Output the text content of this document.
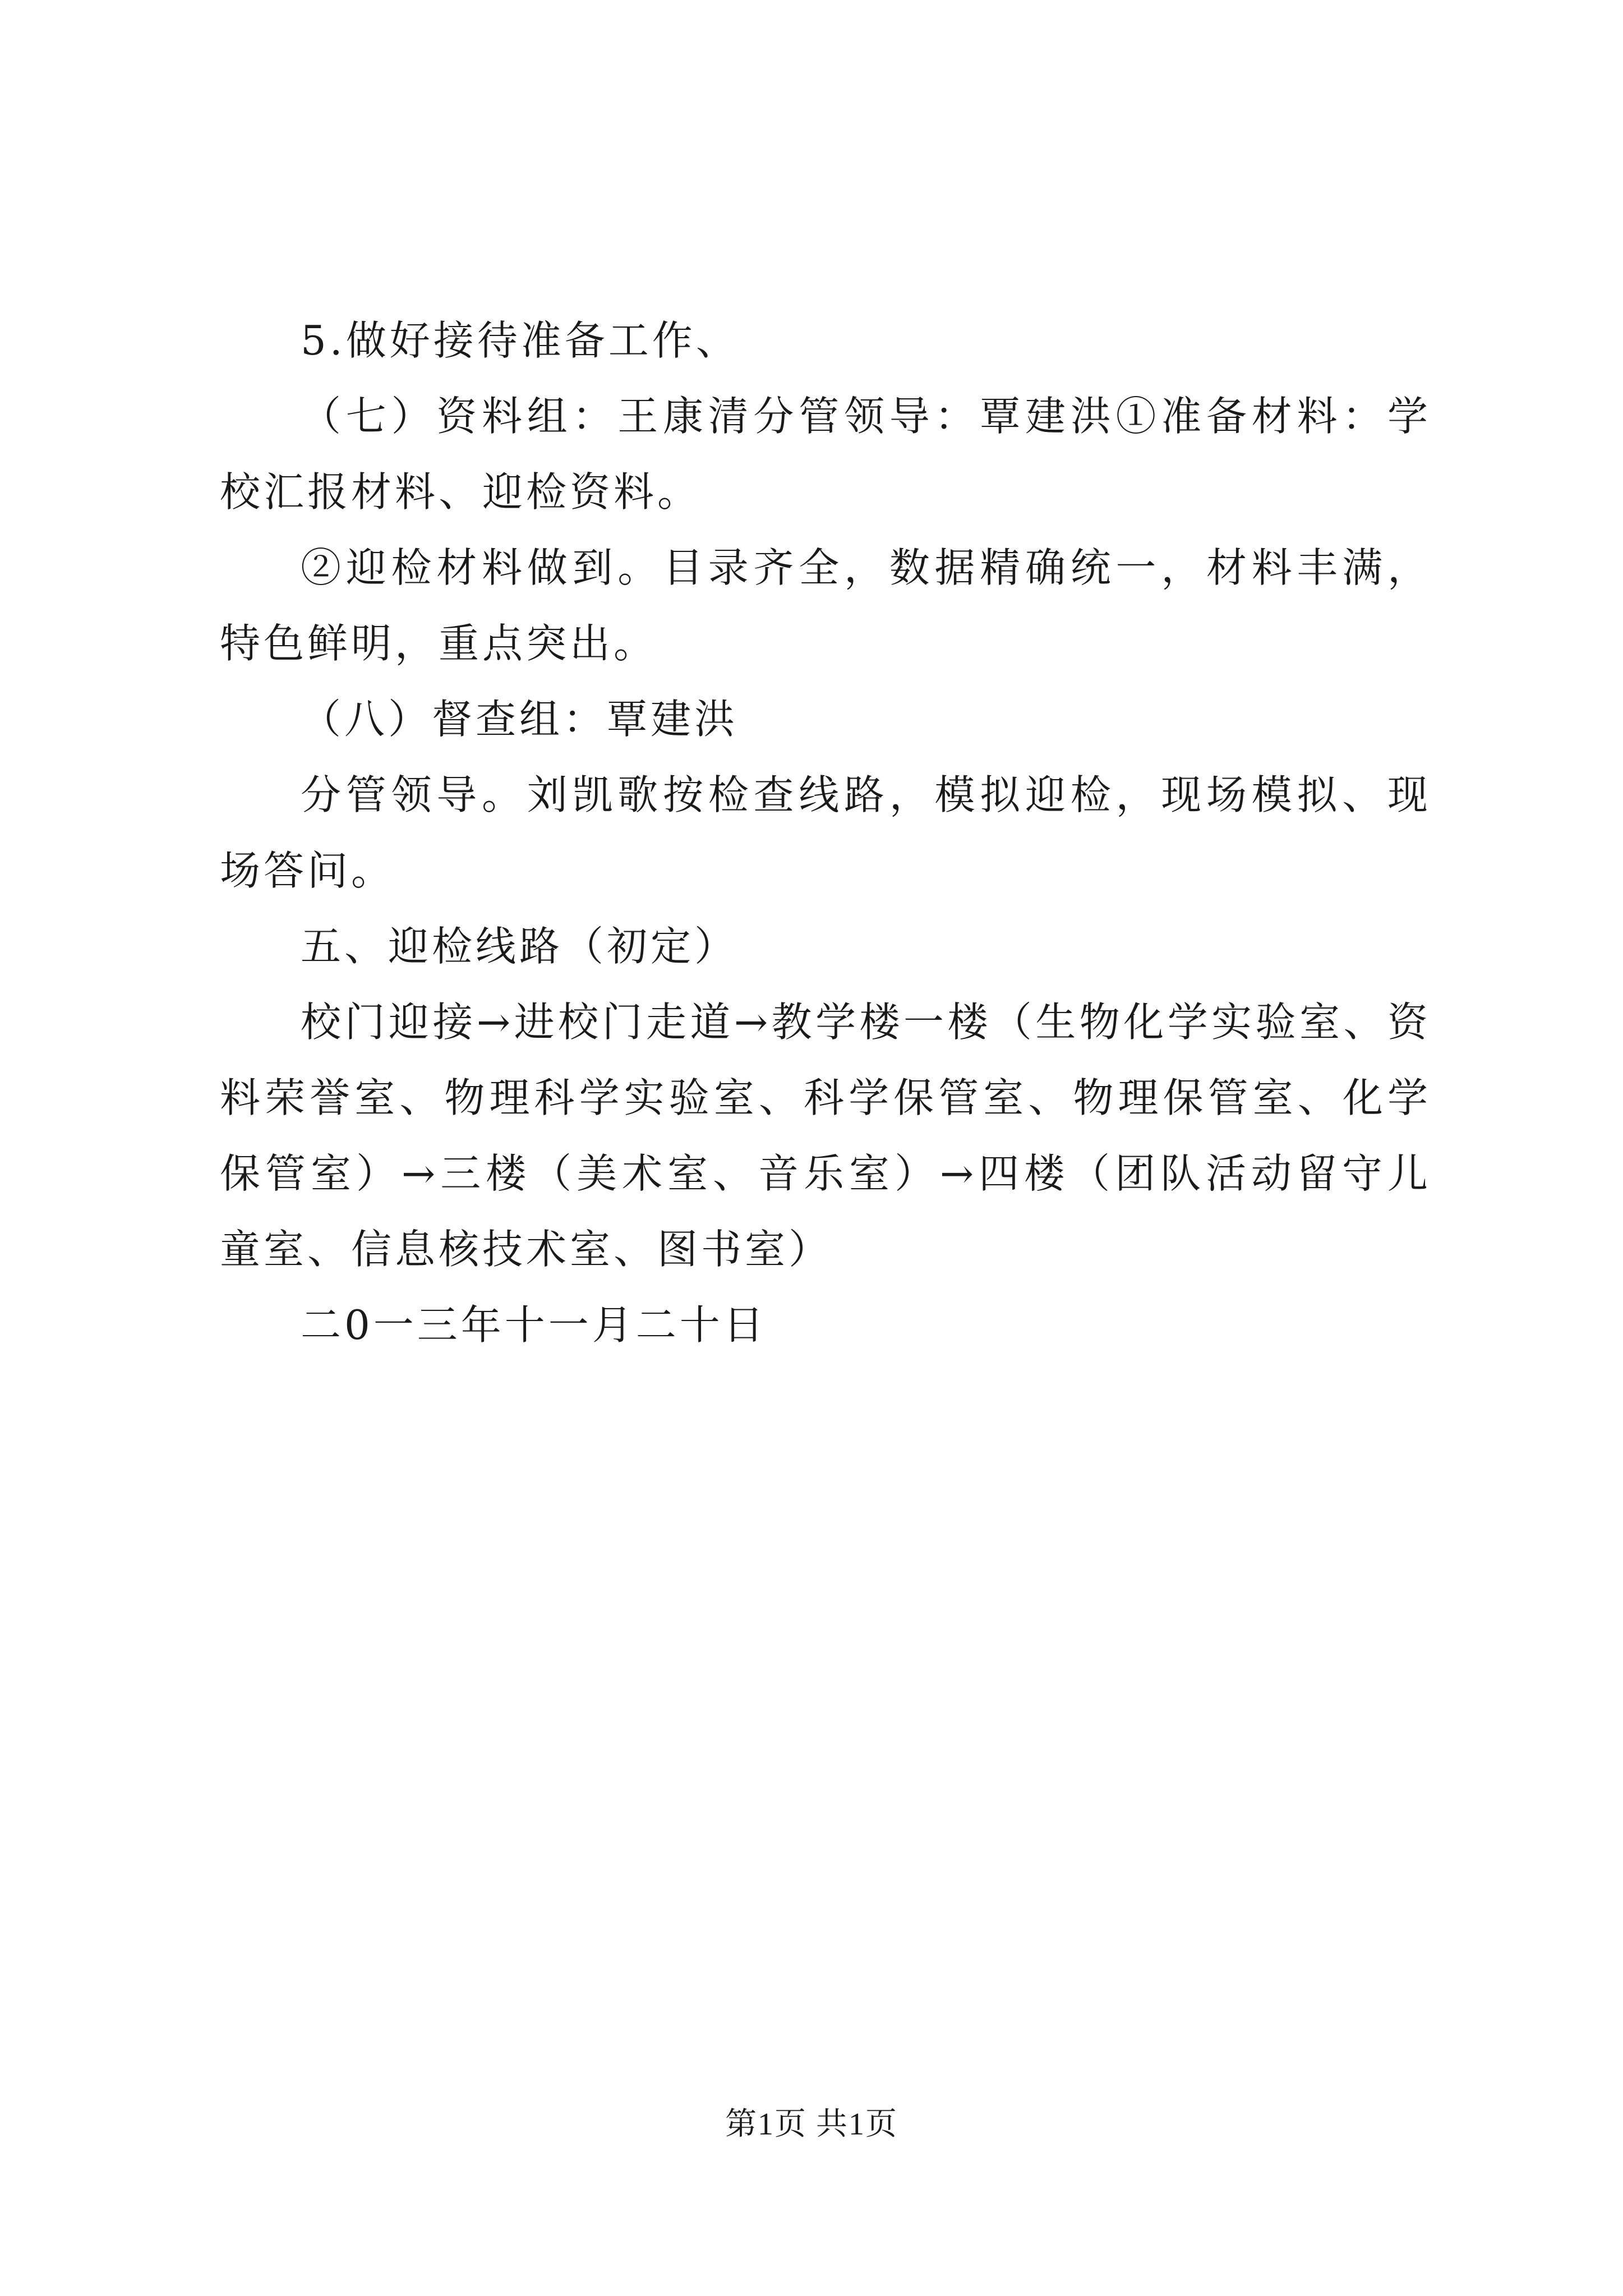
5.做好接待准备工作、

（七）资料组：王康清分管领导：覃建洪①准备材料：学校汇报材料、迎检资料。

②迎检材料做到。目录齐全，数据精确统一，材料丰满，特色鲜明，重点突出。

（八）督查组：覃建洪

分管领导。刘凯歌按检查线路，模拟迎检，现场模拟、现场答问。

五、迎检线路（初定）

校门迎接→进校门走道→教学楼一楼（生物化学实验室、资料荣誉室、物理科学实验室、科学保管室、物理保管室、化学保管室）→三楼（美术室、音乐室）→四楼（团队活动留守儿童室、信息核技术室、图书室）

二0一三年十一月二十日

第1页 共1页
